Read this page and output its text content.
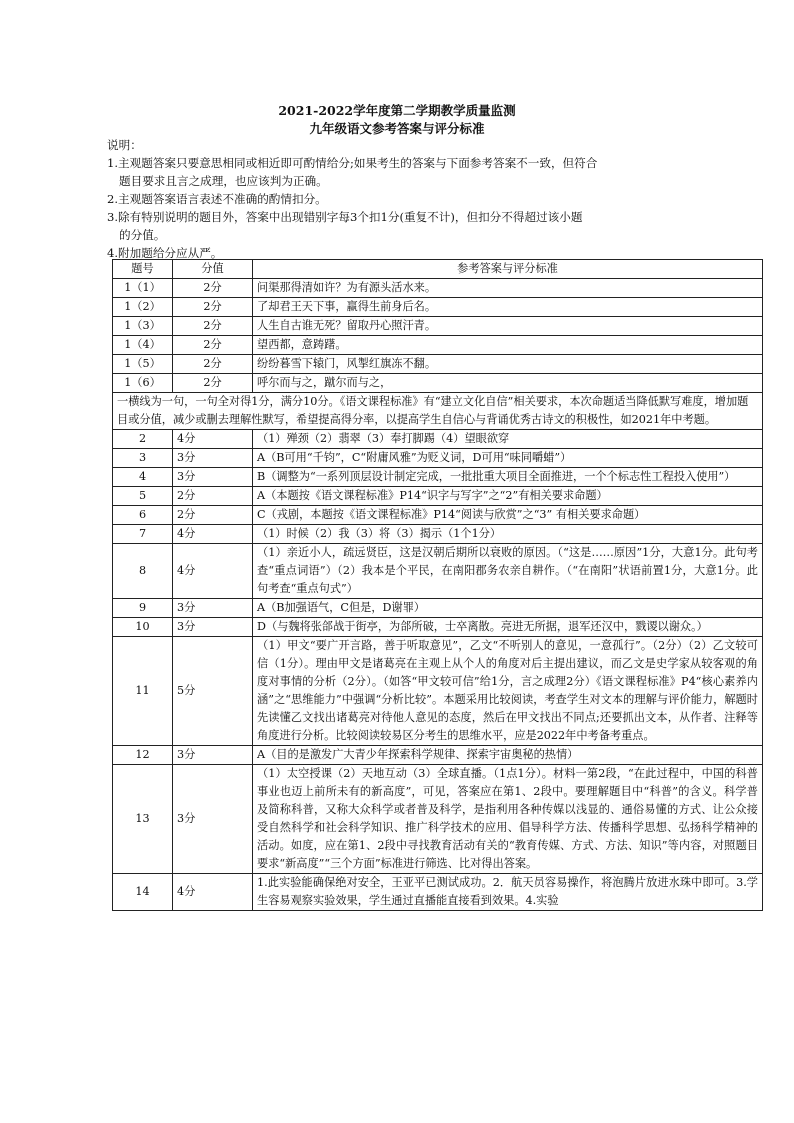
2021-2022学年度第二学期教学质量监测
九年级语文参考答案与评分标准
说明：
1.主观题答案只要意思相同或相近即可酌情给分;如果考生的答案与下面参考答案不一致，但符合
题目要求且言之成理，也应该判为正确。
2.主观题答案语言表述不准确的酌情扣分。
3.除有特别说明的题目外，答案中出现错别字每3个扣1分(重复不计)，但扣分不得超过该小题
的分值。
4.附加题给分应从严。
题号	分值	参考答案与评分标准
1（1）	2分	问渠那得清如许？为有源头活水来。
1（2）	2分	了却君王天下事，赢得生前身后名。
1（3）	2分	人生自古谁无死？留取丹心照汗青。
1（4）	2分	望西都，意踌躇。
1（5）	2分	纷纷暮雪下辕门，风掣红旗冻不翻。
1（6）	2分	呼尔而与之，蹴尔而与之，
一横线为一句，一句全对得1分，满分10分。《语文课程标准》有“建立文化自信”相关要求，本次命题适当降低默写难度，增加题目或分值，减少或删去理解性默写，希望提高得分率，以提高学生自信心与背诵优秀古诗文的积极性，如2021年中考题。		
2	4分	（1）殚颈（2）翡翠（3）奉打脚踢（4）望眼欲穿
3	3分	A（B可用“千钧”，C“附庸风雅”为贬义词，D可用“味同嚼蜡”）
4	3分	B（调整为“一系列顶层设计制定完成，一批批重大项目全面推进，一个个标志性工程投入使用”）
5	2分	A（本题按《语文课程标准》P14“识字与写字”之“2”有相关要求命题）
6	2分	C（戎剧，本题按《语文课程标准》P14“阅读与欣赏”之“3” 有相关要求命题）
7	4分	（1）时候（2）我（3）将（3）揭示（1个1分）
8	4分	（1）亲近小人，疏远贤臣，这是汉朝后期所以衰败的原因。（“这是……原因”1分，大意1分。此句考查“重点词语”）（2）我本是个平民，在南阳郡务农亲自耕作。（“在南阳”状语前置1分，大意1分。此句考查“重点句式”）
9	3分	A（B加强语气，C但是，D谢罪）
10	3分	D（与魏将张郃战于街亭，为郃所破，士卒离散。亮进无所据，退军还汉中，戮谡以谢众。）
11	5分	（1）甲文“要广开言路，善于听取意见”，乙文“不听别人的意见，一意孤行”。（2分）（2）乙文较可信（1分）。理由甲文是诸葛亮在主观上从个人的角度对后主提出建议，而乙文是史学家从较客观的角度对事情的分析（2分）。（如答“甲文较可信”给1分，言之成理2分）《语文课程标准》P4“核心素养内涵”之“思维能力”中强调“分析比较”。本题采用比较阅读，考查学生对文本的理解与评价能力，解题时先读懂乙文找出诸葛亮对待他人意见的态度，然后在甲文找出不同点;还要抓出文本，从作者、注释等角度进行分析。比较阅读较易区分考生的思维水平，应是2022年中考备考重点。
12	3分	A（目的是激发广大青少年探索科学规律、探索宇宙奥秘的热情）
13	3分	（1）太空授课（2）天地互动（3）全球直播。（1点1分）。材料一第2段，“在此过程中，中国的科普事业也迈上前所未有的新高度”，可见，答案应在第1、2段中。要理解题目中“科普”的含义。科学普及简称科普，又称大众科学或者普及科学，是指利用各种传媒以浅显的、通俗易懂的方式、让公众接受自然科学和社会科学知识、推广科学技术的应用、倡导科学方法、传播科学思想、弘扬科学精神的活动。如度，应在第1、2段中寻找教育活动有关的“教育传媒、方式、方法、知识”等内容，对照题目要求“新高度”“三个方面”标准进行筛选、比对得出答案。
14	4分	1.此实验能确保绝对安全，王亚平已测试成功。2．航天员容易操作，将泡腾片放进水珠中即可。3.学生容易观察实验效果，学生通过直播能直接看到效果。4.实验
